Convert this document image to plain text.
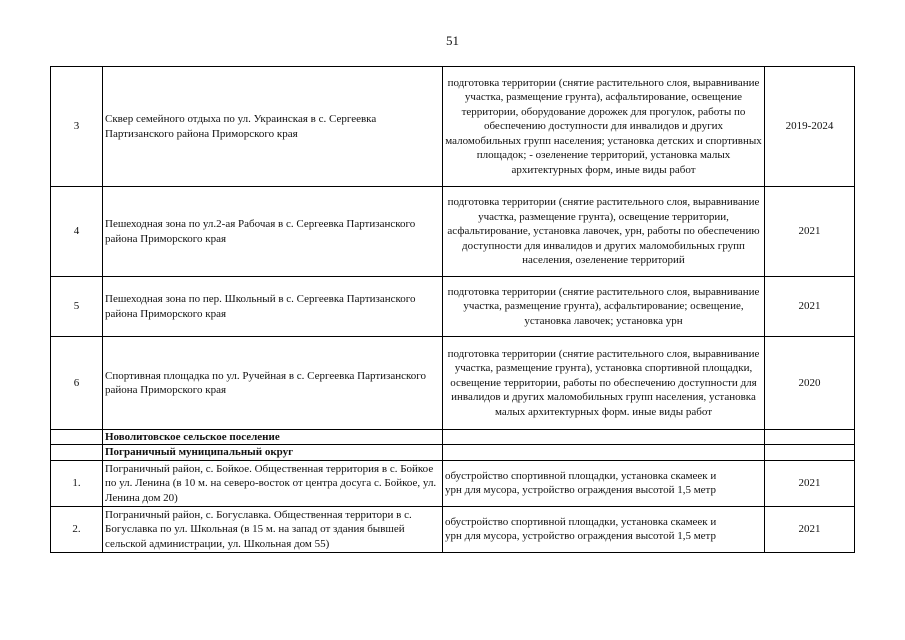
51
3	Сквер семейного отдыха по ул. Украинская в с. Сергеевка Партизанского района Приморского края	подготовка территории (снятие растительного слоя, выравнивание участка, размещение грунта), асфальтирование, освещение территории, оборудование дорожек для прогулок, работы по обеспечению доступности для инвалидов и других маломобильных групп населения; установка детских и спортивных площадок; - озеленение территорий, установка малых архитектурных форм, иные виды работ	2019-2024
4	Пешеходная зона по ул.2-ая Рабочая в с. Сергеевка Партизанского района Приморского края	подготовка территории (снятие растительного слоя, выравнивание участка, размещение грунта), освещение территории, асфальтирование, установка лавочек, урн, работы по обеспечению доступности для инвалидов и других маломобильных групп населения, озеленение территорий	2021
5	Пешеходная зона по пер. Школьный в с. Сергеевка Партизанского района Приморского края	подготовка территории (снятие растительного слоя, выравнивание участка, размещение грунта), асфальтирование; освещение, установка лавочек; установка урн	2021
6	Спортивная площадка по ул. Ручейная в с. Сергеевка Партизанского района Приморского края	подготовка территории (снятие растительного слоя, выравнивание участка, размещение грунта), установка спортивной площадки, освещение территории, работы по обеспечению доступности для инвалидов и других маломобильных групп населения, установка малых архитектурных форм. иные виды работ	2020
	Новолитовское сельское поселение		
	Пограничный муниципальный округ		
1.	Пограничный район, с. Бойкое. Общественная территория в с. Бойкое по ул. Ленина (в 10 м. на северо-восток от центра досуга с. Бойкое, ул. Ленина дом 20)	обустройство спортивной площадки, установка скамеек и
урн для мусора, устройство ограждения высотой 1,5 метр	2021
2.	Пограничный район, с. Богуславка. Общественная территори в с. Богуславка по ул. Школьная (в 15 м. на запад от здания бывшей сельской администрации, ул. Школьная дом 55)	обустройство спортивной площадки, установка скамеек и
урн для мусора, устройство ограждения высотой 1,5 метр	2021
